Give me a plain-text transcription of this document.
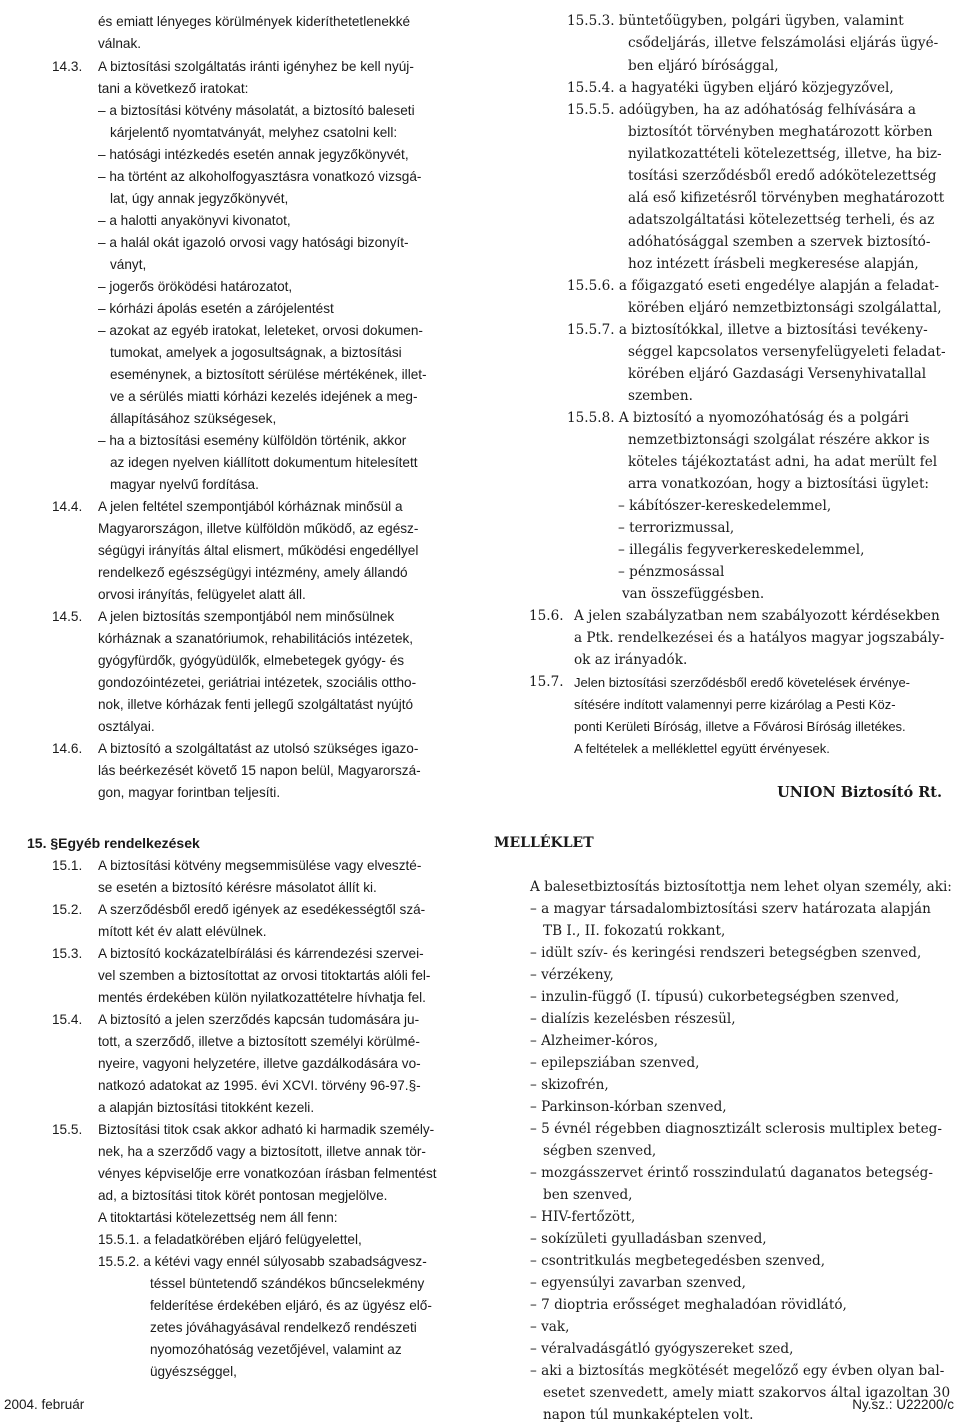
és emiatt lényeges körülmények kideríthetetlenekké
válnak.
14.3. A biztosítási szolgáltatás iránti igényhez be kell nyúj-
tani a következő iratokat:
– a biztosítási kötvény másolatát, a biztosító baleseti
kárjelentő nyomtatványát, melyhez csatolni kell:
– hatósági intézkedés esetén annak jegyzőkönyvét,
– ha történt az alkoholfogyasztásra vonatkozó vizsgá-
lat, úgy annak jegyzőkönyvét,
– a halotti anyakönyvi kivonatot,
– a halál okát igazoló orvosi vagy hatósági bizonyít-
ványt,
– jogerős öröködési határozatot,
– kórházi ápolás esetén a zárójelentést
– azokat az egyéb iratokat, leleteket, orvosi dokumen-
tumokat, amelyek a jogosultságnak, a biztosítási
eseménynek, a biztosított sérülése mértékének, illet-
ve a sérülés miatti kórházi kezelés idejének a meg-
állapításához szükségesek,
– ha a biztosítási esemény külföldön történik, akkor
az idegen nyelven kiállított dokumentum hitelesített
magyar nyelvű fordítása.
14.4. A jelen feltétel szempontjából kórháznak minősül a
Magyarországon, illetve külföldön működő, az egész-
ségügyi irányítás által elismert, működési engedéllyel
rendelkező egészségügyi intézmény, amely állandó
orvosi irányítás, felügyelet alatt áll.
14.5. A jelen biztosítás szempontjából nem minősülnek
kórháznak a szanatóriumok, rehabilitációs intézetek,
gyógyfürdők, gyógyüdülők, elmebetegek gyógy- és
gondozóintézetei, geriátriai intézetek, szociális ottho-
nok, illetve kórházak fenti jellegű szolgáltatást nyújtó
osztályai.
14.6. A biztosító a szolgáltatást az utolsó szükséges igazo-
lás beérkezését követő 15 napon belül, Magyarorszá-
gon, magyar forintban teljesíti.
15. §Egyéb rendelkezések
15.1. A biztosítási kötvény megsemmisülése vagy elveszté-
se esetén a biztosító kérésre másolatot állít ki.
15.2. A szerződésből eredő igények az esedékességtől szá-
mított két év alatt elévülnek.
15.3. A biztosító kockázatelbírálási és kárrendezési szervei-
vel szemben a biztosítottat az orvosi titoktartás alóli fel-
mentés érdekében külön nyilatkozattételre hívhatja fel.
15.4. A biztosító a jelen szerződés kapcsán tudomására ju-
tott, a szerződő, illetve a biztosított személyi körülmé-
nyeire, vagyoni helyzetére, illetve gazdálkodására vo-
natkozó adatokat az 1995. évi XCVI. törvény 96-97.§-
a alapján biztosítási titokként kezeli.
15.5. Biztosítási titok csak akkor adható ki harmadik személy-
nek, ha a szerződő vagy a biztosított, illetve annak tör-
vényes képviselője erre vonatkozóan írásban felmentést
ad, a biztosítási titok körét pontosan megjelölve.
A titoktartási kötelezettség nem áll fenn:
15.5.1. a feladatkörében eljáró felügyelettel,
15.5.2. a kétévi vagy ennél súlyosabb szabadságvesz-
téssel büntetendő szándékos bűncselekmény
felderítése érdekében eljáró, és az ügyész elő-
zetes jóváhagyásával rendelkező rendészeti
nyomozóhatóság vezetőjével, valamint az
ügyészséggel,
15.5.3. büntetőügyben, polgári ügyben, valamint
csődeljárás, illetve felszámolási eljárás ügyé-
ben eljáró bírósággal,
15.5.4. a hagyatéki ügyben eljáró közjegyzővel,
15.5.5. adóügyben, ha az adóhatóság felhívására a
biztosítót törvényben meghatározott körben
nyilatkozattételi kötelezettség, illetve, ha biz-
tosítási szerződésből eredő adókötelezettség
alá eső kifizetésről törvényben meghatározott
adatszolgáltatási kötelezettség terheli, és az
adóhatósággal szemben a szervek biztosító-
hoz intézett írásbeli megkeresése alapján,
15.5.6. a főigazgató eseti engedélye alapján a feladat-
körében eljáró nemzetbiztonsági szolgálattal,
15.5.7. a biztosítókkal, illetve a biztosítási tevékeny-
séggel kapcsolatos versenyfelügyeleti feladat-
körében eljáró Gazdasági Versenyhivatallal
szemben.
15.5.8. A biztosító a nyomozóhatóság és a polgári
nemzetbiztonsági szolgálat részére akkor is
köteles tájékoztatást adni, ha adat merült fel
arra vonatkozóan, hogy a biztosítási ügylet:
– kábítószer-kereskedelemmel,
– terrorizmussal,
– illegális fegyverkereskedelemmel,
– pénzmosással
van összefüggésben.
15.6. A jelen szabályzatban nem szabályozott kérdésekben
a Ptk. rendelkezései és a hatályos magyar jogszabály-
ok az irányadók.
15.7. Jelen biztosítási szerződésből eredő követelések érvénye-
sítésére indított valamennyi perre kizárólag a Pesti Köz-
ponti Kerületi Bíróság, illetve a Fővárosi Bíróság illetékes.
A feltételek a melléklettel együtt érvényesek.
UNION Biztosító Rt.
MELLÉKLET
A balesetbiztosítás biztosítottja nem lehet olyan személy, aki:
– a magyar társadalombiztosítási szerv határozata alapján
TB I., II. fokozatú rokkant,
– idült szív- és keringési rendszeri betegségben szenved,
– vérzékeny,
– inzulin-függő (I. típusú) cukorbetegségben szenved,
– dialízis kezelésben részesül,
– Alzheimer-kóros,
– epilepsziában szenved,
– skizofrén,
– Parkinson-kórban szenved,
– 5 évnél régebben diagnosztizált sclerosis multiplex beteg-
ségben szenved,
– mozgásszervet érintő rosszindulatú daganatos betegség-
ben szenved,
– HIV-fertőzött,
– sokízületi gyulladásban szenved,
– csontritkulás megbetegedésben szenved,
– egyensúlyi zavarban szenved,
– 7 dioptria erősséget meghaladóan rövidlátó,
– vak,
– véralvadásgátló gyógyszereket szed,
– aki a biztosítás megkötését megelőző egy évben olyan bal-
esetet szenvedett, amely miatt szakorvos által igazoltan 30
napon túl munkaképtelen volt.
2004. február	Ny.sz.: U22200/c
